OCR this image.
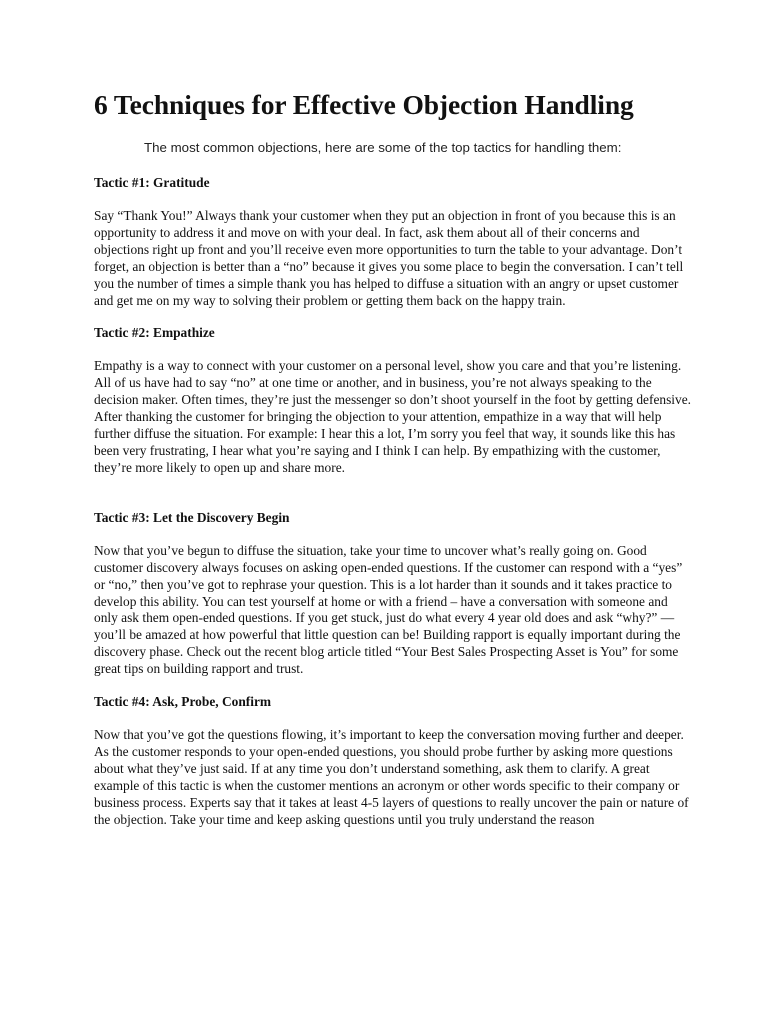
6 Techniques for Effective Objection Handling

The most common objections, here are some of the top tactics for handling them:

Tactic #1: Gratitude

Say “Thank You!” Always thank your customer when they put an objection in front of you because this is an opportunity to address it and move on with your deal. In fact, ask them about all of their concerns and objections right up front and you’ll receive even more opportunities to turn the table to your advantage. Don’t forget, an objection is better than a “no” because it gives you some place to begin the conversation. I can’t tell you the number of times a simple thank you has helped to diffuse a situation with an angry or upset customer and get me on my way to solving their problem or getting them back on the happy train.

Tactic #2: Empathize

Empathy is a way to connect with your customer on a personal level, show you care and that you’re listening. All of us have had to say “no” at one time or another, and in business, you’re not always speaking to the decision maker. Often times, they’re just the messenger so don’t shoot yourself in the foot by getting defensive. After thanking the customer for bringing the objection to your attention, empathize in a way that will help further diffuse the situation. For example: I hear this a lot, I’m sorry you feel that way, it sounds like this has been very frustrating, I hear what you’re saying and I think I can help. By empathizing with the customer, they’re more likely to open up and share more.

Tactic #3: Let the Discovery Begin

Now that you’ve begun to diffuse the situation, take your time to uncover what’s really going on. Good customer discovery always focuses on asking open-ended questions. If the customer can respond with a “yes” or “no,” then you’ve got to rephrase your question. This is a lot harder than it sounds and it takes practice to develop this ability. You can test yourself at home or with a friend – have a conversation with someone and only ask them open-ended questions. If you get stuck, just do what every 4 year old does and ask “why?” — you’ll be amazed at how powerful that little question can be! Building rapport is equally important during the discovery phase. Check out the recent blog article titled “Your Best Sales Prospecting Asset is You” for some great tips on building rapport and trust.

Tactic #4: Ask, Probe, Confirm

Now that you’ve got the questions flowing, it’s important to keep the conversation moving further and deeper. As the customer responds to your open-ended questions, you should probe further by asking more questions about what they’ve just said. If at any time you don’t understand something, ask them to clarify. A great example of this tactic is when the customer mentions an acronym or other words specific to their company or business process. Experts say that it takes at least 4-5 layers of questions to really uncover the pain or nature of the objection. Take your time and keep asking questions until you truly understand the reason
